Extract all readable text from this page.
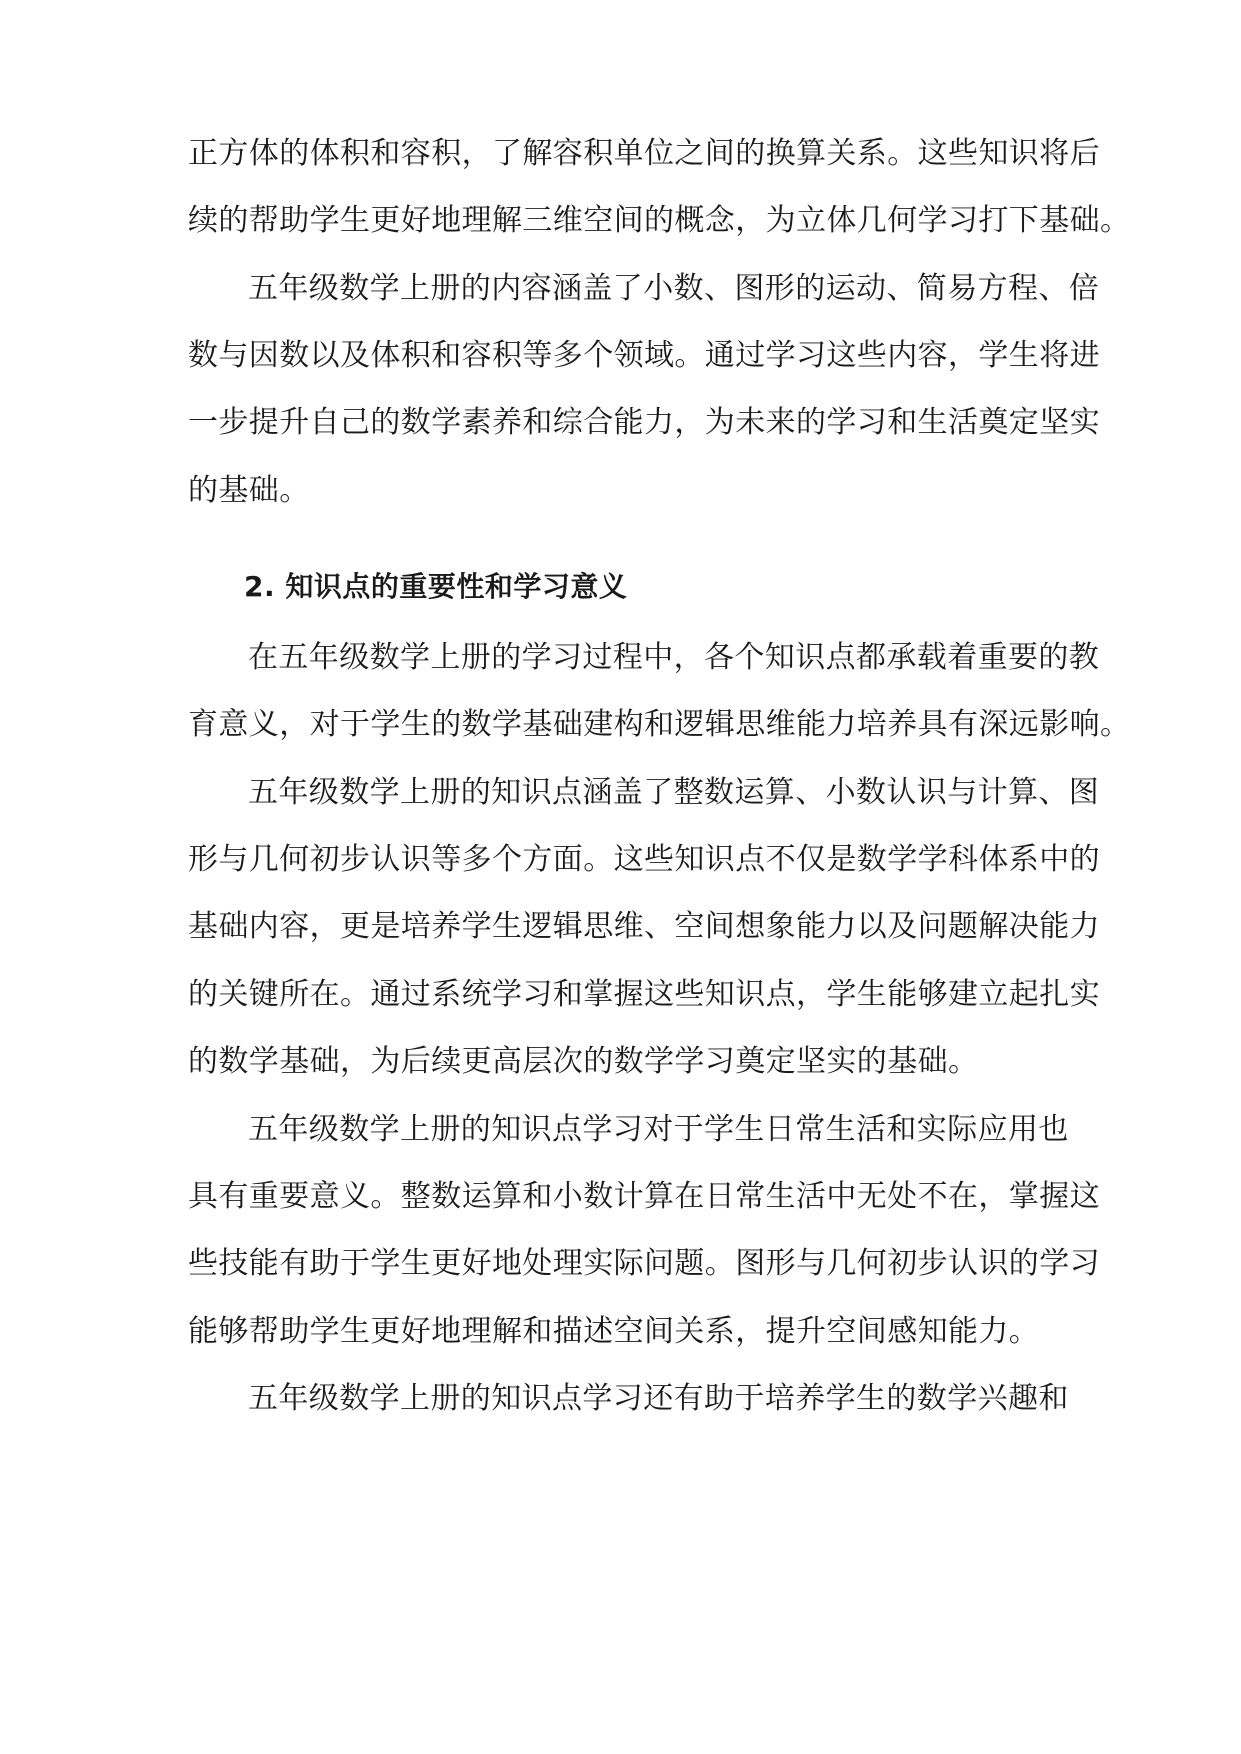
正方体的体积和容积，了解容积单位之间的换算关系。这些知识将后
续的帮助学生更好地理解三维空间的概念，为立体几何学习打下基础。
五年级数学上册的内容涵盖了小数、图形的运动、简易方程、倍
数与因数以及体积和容积等多个领域。通过学习这些内容，学生将进
一步提升自己的数学素养和综合能力，为未来的学习和生活奠定坚实
的基础。
2. 知识点的重要性和学习意义
在五年级数学上册的学习过程中，各个知识点都承载着重要的教
育意义，对于学生的数学基础建构和逻辑思维能力培养具有深远影响。
五年级数学上册的知识点涵盖了整数运算、小数认识与计算、图
形与几何初步认识等多个方面。这些知识点不仅是数学学科体系中的
基础内容，更是培养学生逻辑思维、空间想象能力以及问题解决能力
的关键所在。通过系统学习和掌握这些知识点，学生能够建立起扎实
的数学基础，为后续更高层次的数学学习奠定坚实的基础。
五年级数学上册的知识点学习对于学生日常生活和实际应用也
具有重要意义。整数运算和小数计算在日常生活中无处不在，掌握这
些技能有助于学生更好地处理实际问题。图形与几何初步认识的学习
能够帮助学生更好地理解和描述空间关系，提升空间感知能力。
五年级数学上册的知识点学习还有助于培养学生的数学兴趣和
